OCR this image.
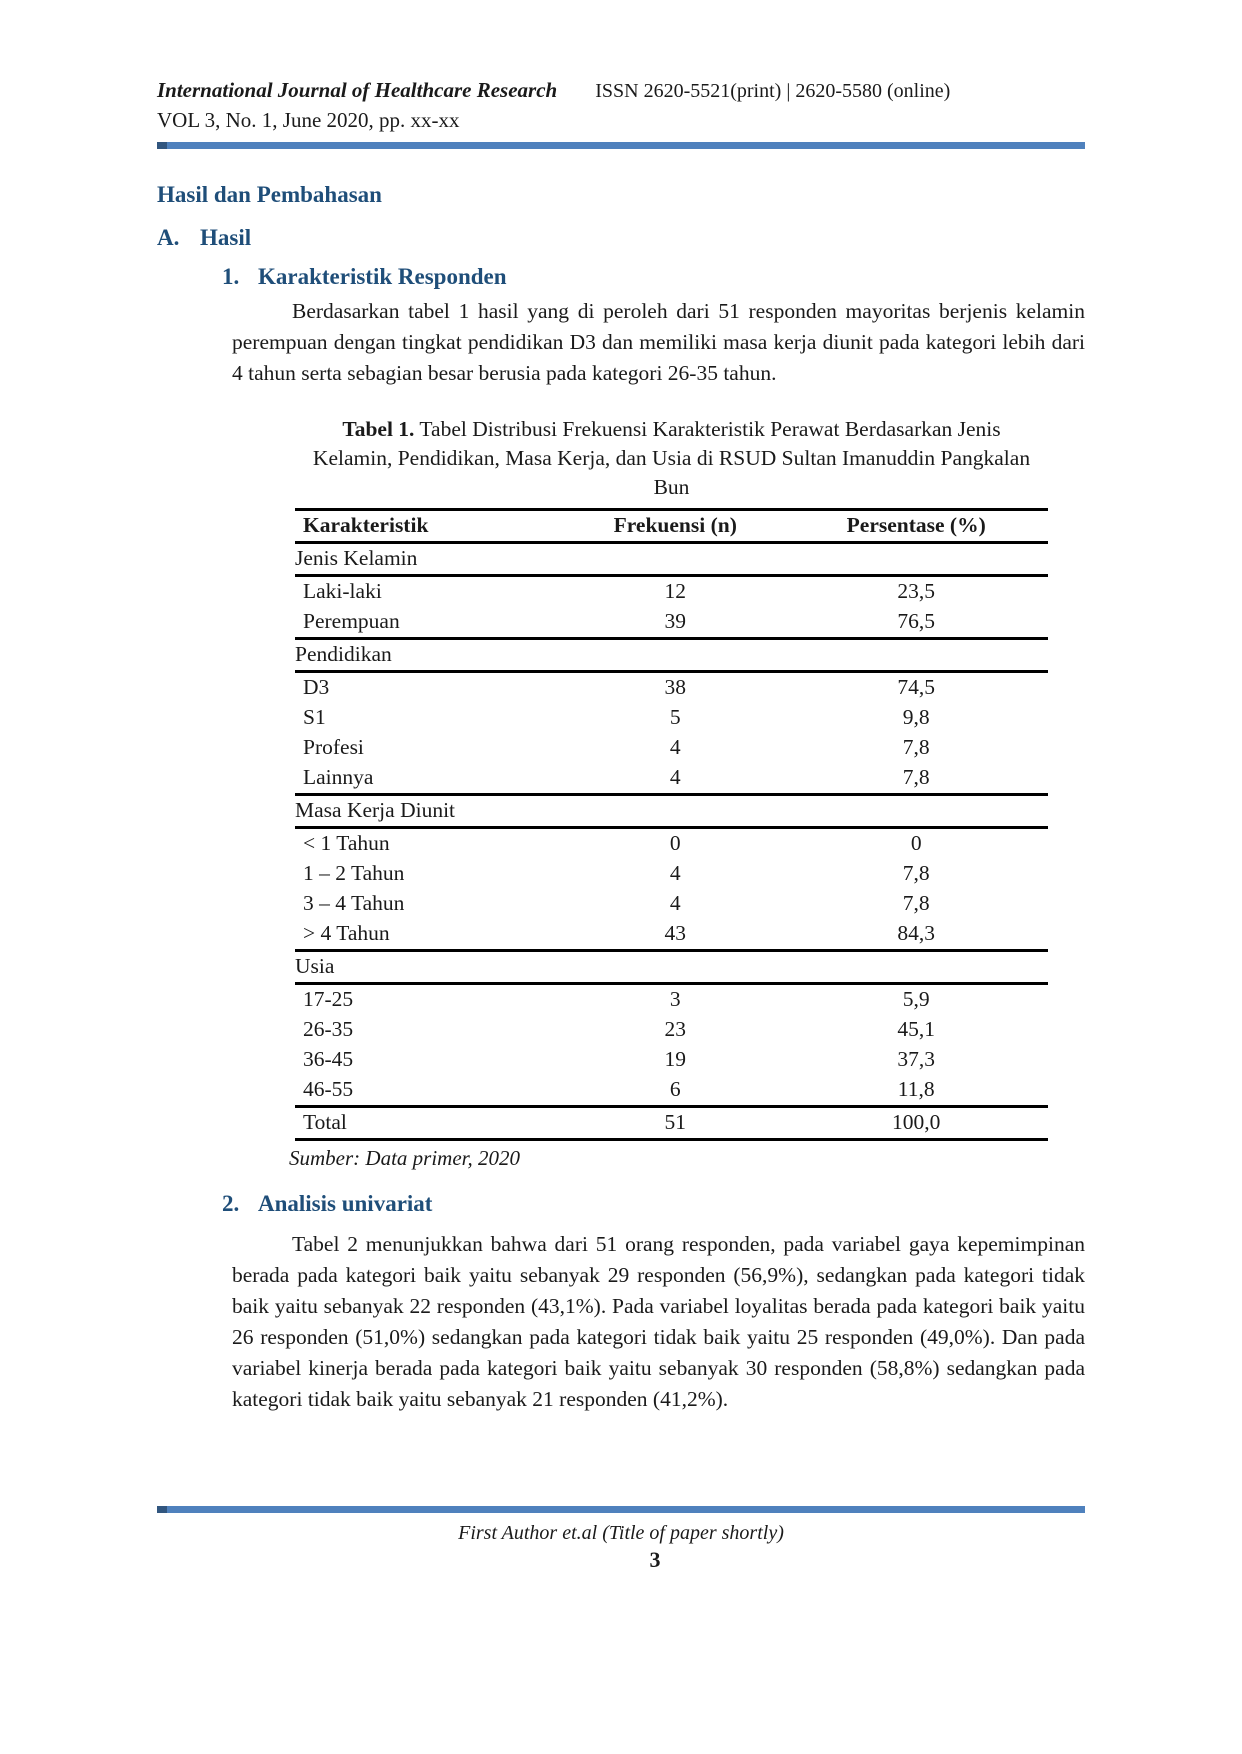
International Journal of Healthcare Research ISSN 2620-5521(print) | 2620-5580 (online)
VOL 3, No. 1, June 2020, pp. xx-xx
Hasil dan Pembahasan
A. Hasil
1. Karakteristik Responden

Berdasarkan tabel 1 hasil yang di peroleh dari 51 responden mayoritas berjenis kelamin perempuan dengan tingkat pendidikan D3 dan memiliki masa kerja diunit pada kategori lebih dari 4 tahun serta sebagian besar berusia pada kategori 26-35 tahun.

Tabel 1. Tabel Distribusi Frekuensi Karakteristik Perawat Berdasarkan Jenis Kelamin, Pendidikan, Masa Kerja, dan Usia di RSUD Sultan Imanuddin Pangkalan Bun

Karakteristik	Frekuensi (n)	Persentase (%)
Jenis Kelamin		
Laki-laki	12	23,5
Perempuan	39	76,5
Pendidikan		
D3	38	74,5
S1	5	9,8
Profesi	4	7,8
Lainnya	4	7,8
Masa Kerja Diunit		
< 1 Tahun	0	0
1 – 2 Tahun	4	7,8
3 – 4 Tahun	4	7,8
> 4 Tahun	43	84,3
Usia		
17-25	3	5,9
26-35	23	45,1
36-45	19	37,3
46-55	6	11,8
Total	51	100,0

Sumber: Data primer, 2020

2. Analisis univariat

Tabel 2 menunjukkan bahwa dari 51 orang responden, pada variabel gaya kepemimpinan berada pada kategori baik yaitu sebanyak 29 responden (56,9%), sedangkan pada kategori tidak baik yaitu sebanyak 22 responden (43,1%). Pada variabel loyalitas berada pada kategori baik yaitu 26 responden (51,0%) sedangkan pada kategori tidak baik yaitu 25 responden (49,0%). Dan pada variabel kinerja berada pada kategori baik yaitu sebanyak 30 responden (58,8%) sedangkan pada kategori tidak baik yaitu sebanyak 21 responden (41,2%).

First Author et.al (Title of paper shortly)
3
